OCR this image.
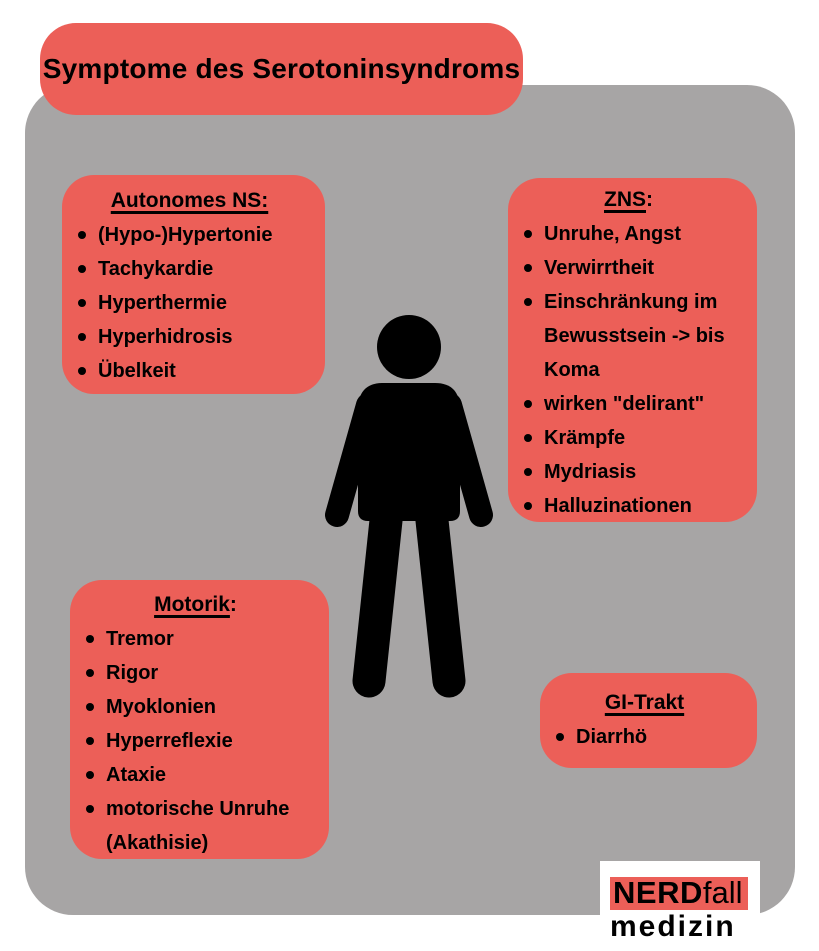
Symptome des Serotoninsyndroms
Autonomes NS:
(Hypo-)Hypertonie
Tachykardie
Hyperthermie
Hyperhidrosis
Übelkeit
ZNS:
Unruhe, Angst
Verwirrtheit
Einschränkung im Bewusstsein -> bis Koma
wirken "delirant"
Krämpfe
Mydriasis
Halluzinationen
Motorik:
Tremor
Rigor
Myoklonien
Hyperreflexie
Ataxie
motorische Unruhe (Akathisie)
GI-Trakt
Diarrhö
NERDfall
medizin
